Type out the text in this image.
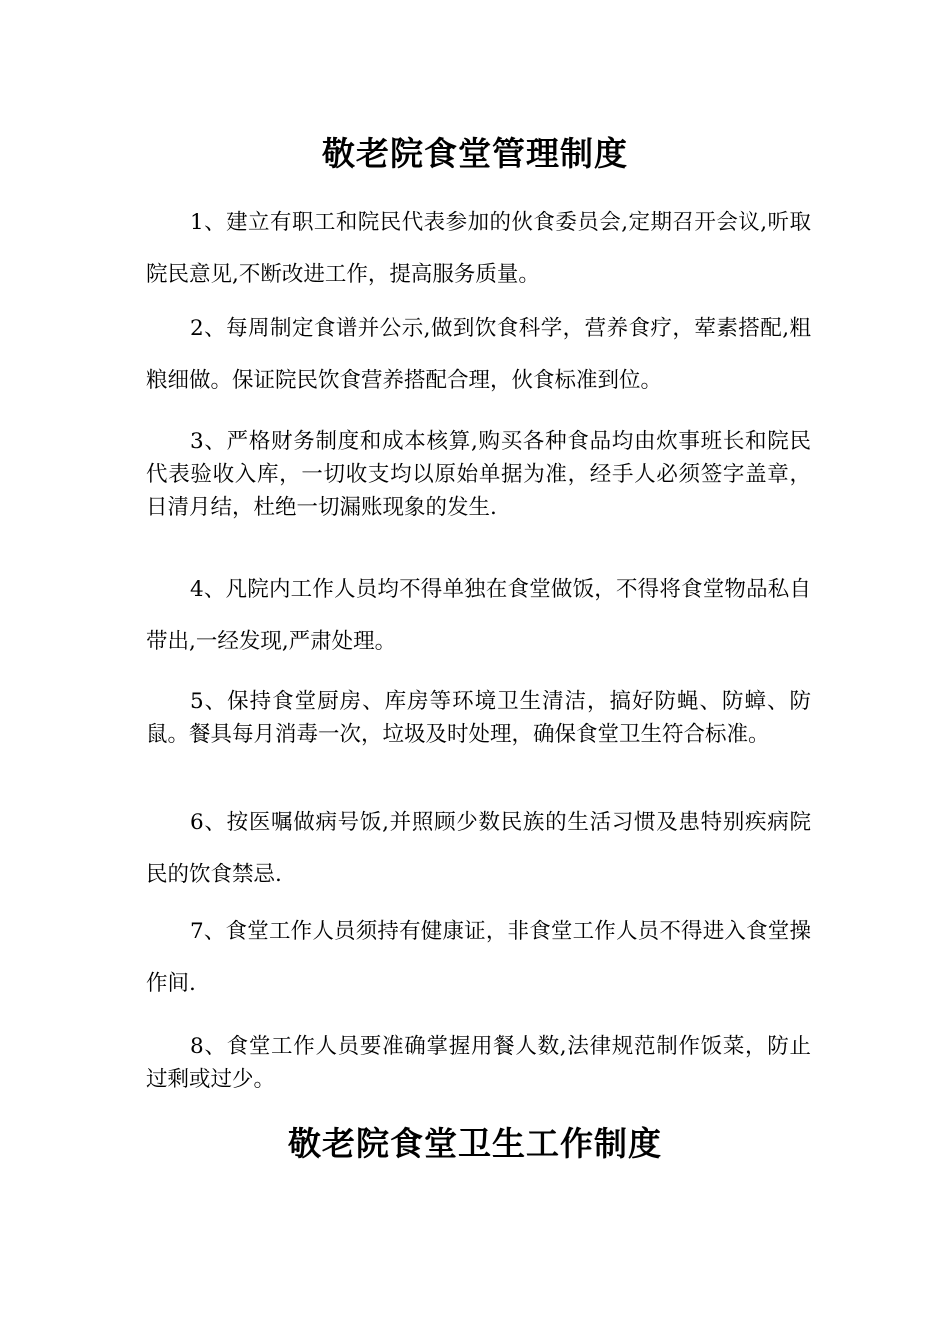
敬老院食堂管理制度

1、建立有职工和院民代表参加的伙食委员会,定期召开会议,听取院民意见,不断改进工作，提高服务质量。

2、每周制定食谱并公示,做到饮食科学，营养食疗，荤素搭配,粗粮细做。保证院民饮食营养搭配合理，伙食标准到位。

3、严格财务制度和成本核算,购买各种食品均由炊事班长和院民代表验收入库，一切收支均以原始单据为准，经手人必须签字盖章，日清月结，杜绝一切漏账现象的发生.

4、凡院内工作人员均不得单独在食堂做饭，不得将食堂物品私自带出,一经发现,严肃处理。

5、保持食堂厨房、库房等环境卫生清洁，搞好防蝇、防蟑、防鼠。餐具每月消毒一次，垃圾及时处理，确保食堂卫生符合标准。

6、按医嘱做病号饭,并照顾少数民族的生活习惯及患特别疾病院民的饮食禁忌.

7、食堂工作人员须持有健康证，非食堂工作人员不得进入食堂操作间.

8、食堂工作人员要准确掌握用餐人数,法律规范制作饭菜，防止过剩或过少。

敬老院食堂卫生工作制度
